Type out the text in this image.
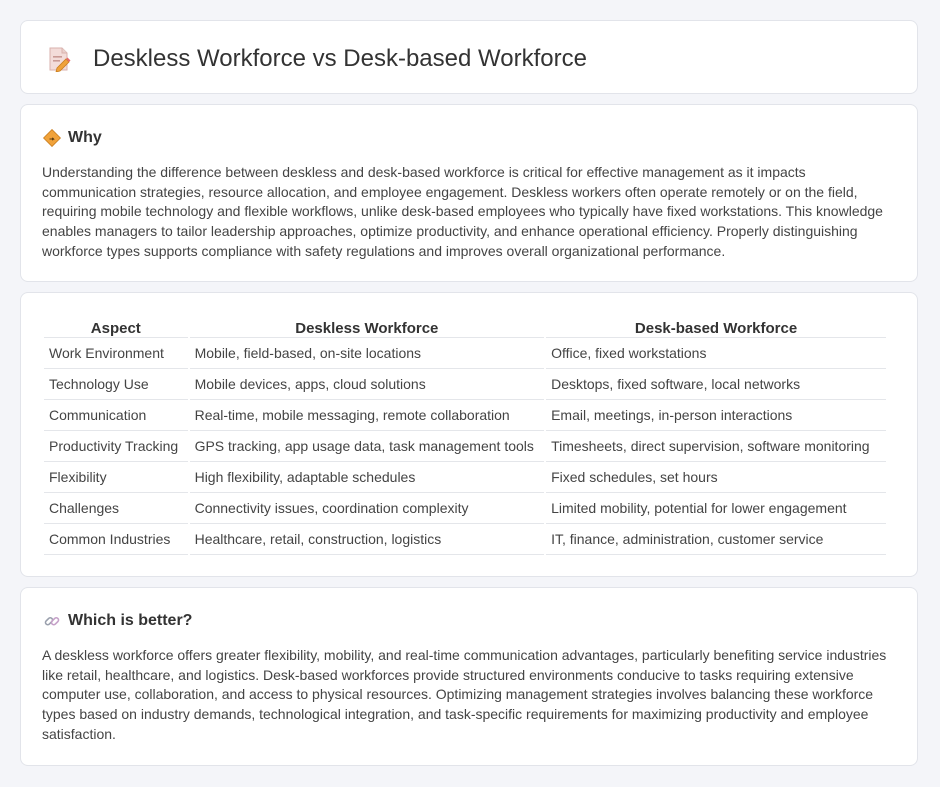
Deskless Workforce vs Desk-based Workforce
Why

Understanding the difference between deskless and desk-based workforce is critical for effective management as it impacts communication strategies, resource allocation, and employee engagement. Deskless workers often operate remotely or on the field, requiring mobile technology and flexible workflows, unlike desk-based employees who typically have fixed workstations. This knowledge enables managers to tailor leadership approaches, optimize productivity, and enhance operational efficiency. Properly distinguishing workforce types supports compliance with safety regulations and improves overall organizational performance.

Aspect	Deskless Workforce	Desk-based Workforce
Work Environment	Mobile, field-based, on-site locations	Office, fixed workstations
Technology Use	Mobile devices, apps, cloud solutions	Desktops, fixed software, local networks
Communication	Real-time, mobile messaging, remote collaboration	Email, meetings, in-person interactions
Productivity Tracking	GPS tracking, app usage data, task management tools	Timesheets, direct supervision, software monitoring
Flexibility	High flexibility, adaptable schedules	Fixed schedules, set hours
Challenges	Connectivity issues, coordination complexity	Limited mobility, potential for lower engagement
Common Industries	Healthcare, retail, construction, logistics	IT, finance, administration, customer service
Which is better?

A deskless workforce offers greater flexibility, mobility, and real-time communication advantages, particularly benefiting service industries like retail, healthcare, and logistics. Desk-based workforces provide structured environments conducive to tasks requiring extensive computer use, collaboration, and access to physical resources. Optimizing management strategies involves balancing these workforce types based on industry demands, technological integration, and task-specific requirements for maximizing productivity and employee satisfaction.
